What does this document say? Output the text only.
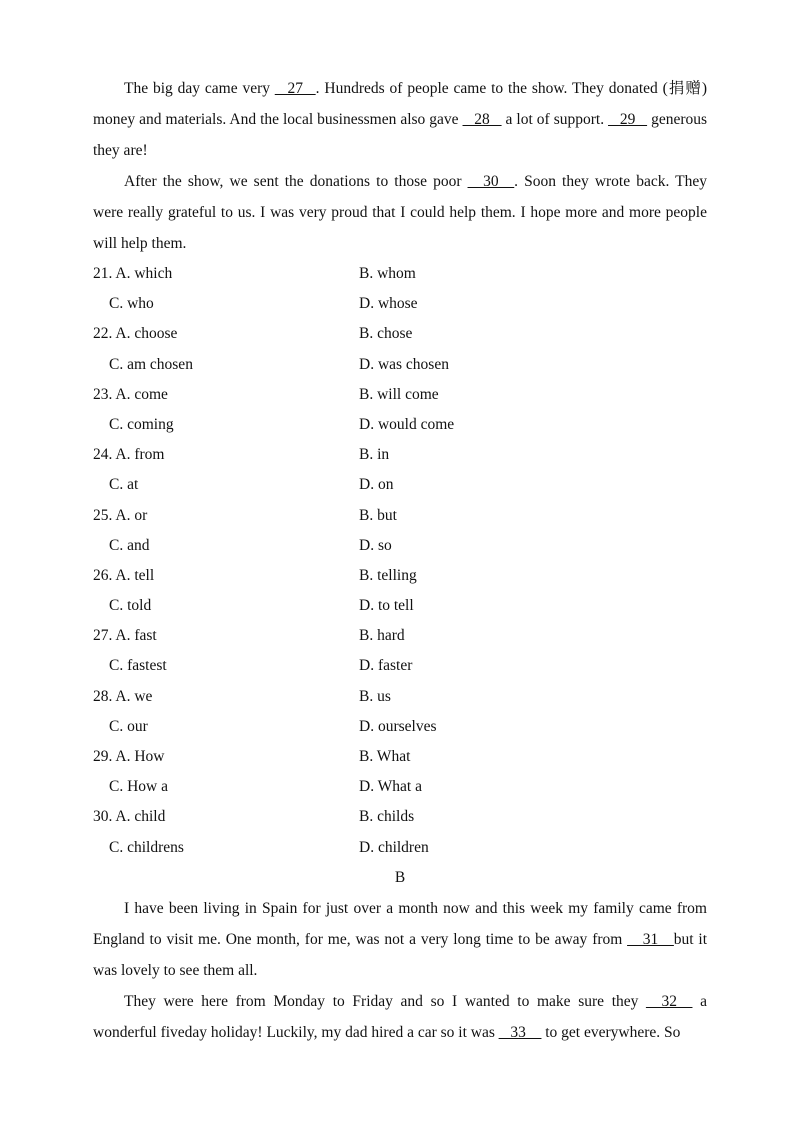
The big day came very _ 27_ . Hundreds of people came to the show. They donated (捐赠) money and materials. And the local businessmen also gave _ 28_  a lot of support. _ 29_  generous they are!

After the show, we sent the donations to those poor __30__. Soon they wrote back. They were really grateful to us. I was very proud that I could help them. I hope more and more people will help them.

21. A. which	B. whom
C. who	D. whose
22. A. choose	B. chose
C. am chosen	D. was chosen
23. A. come	B. will come
C. coming	D. would come
24. A. from	B. in
C. at	D. on
25. A. or	B. but
C. and	D. so
26. A. tell	B. telling
C. told	D. to tell
27. A. fast	B. hard
C. fastest	D. faster
28. A. we	B. us
C. our	D. ourselves
29. A. How	B. What
C. How a	D. What a
30. A. child	B. childs
C. childrens	D. children

B

I have been living in Spain for just over a month now and this week my family came from England to visit me. One month, for me, was not a very long time to be away from __31__but it was lovely to see them all.

They were here from Monday to Friday and so I wanted to make sure they __32_  a wonderful fiveday holiday! Luckily, my dad hired a car so it was _ 33__ to get everywhere. So
